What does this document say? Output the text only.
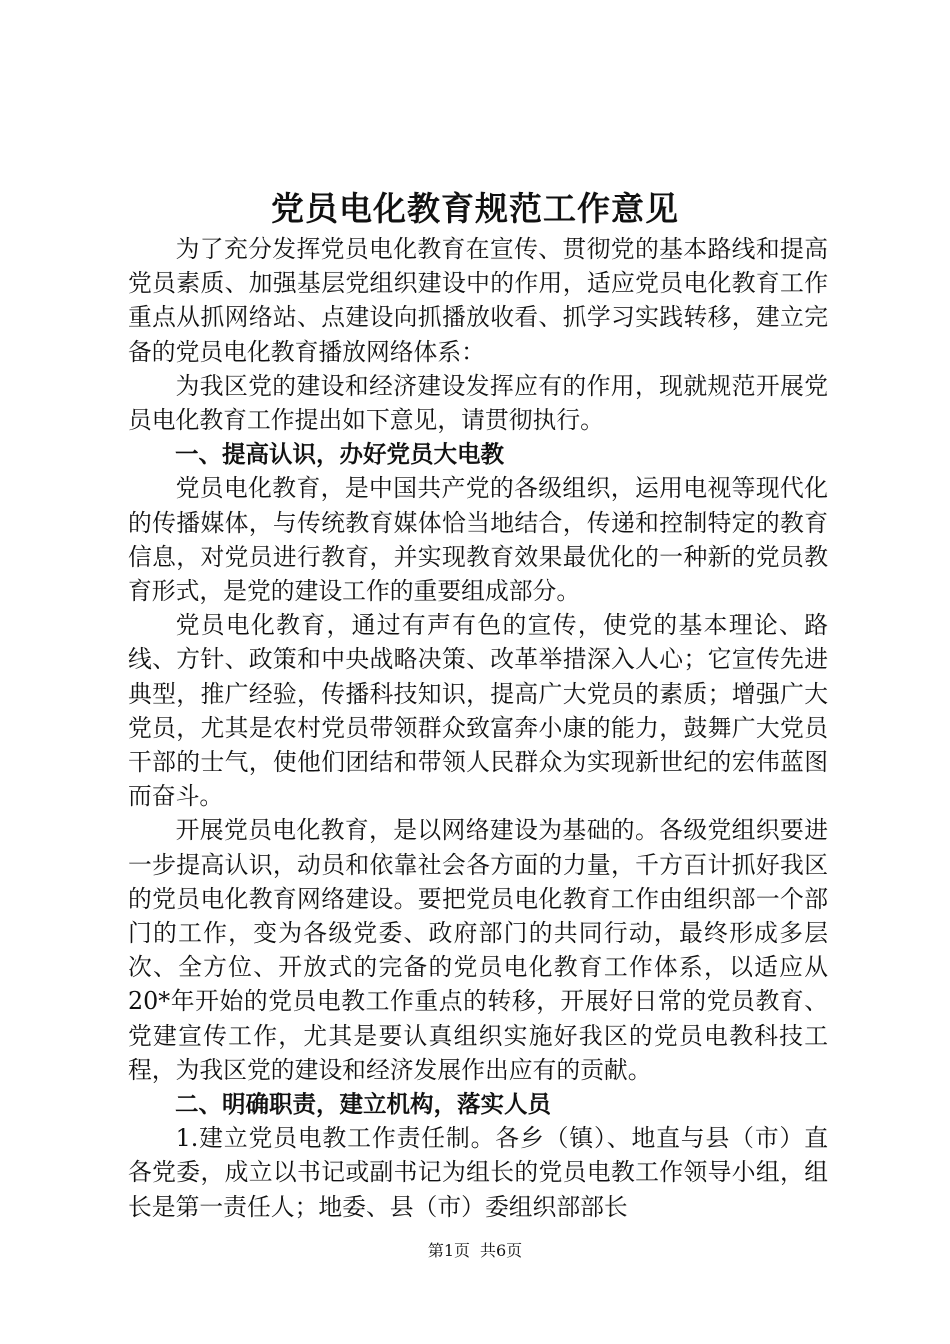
党员电化教育规范工作意见

为了充分发挥党员电化教育在宣传、贯彻党的基本路线和提高党员素质、加强基层党组织建设中的作用，适应党员电化教育工作重点从抓网络站、点建设向抓播放收看、抓学习实践转移，建立完备的党员电化教育播放网络体系：

为我区党的建设和经济建设发挥应有的作用，现就规范开展党员电化教育工作提出如下意见，请贯彻执行。

一、提高认识，办好党员大电教

党员电化教育，是中国共产党的各级组织，运用电视等现代化的传播媒体，与传统教育媒体恰当地结合，传递和控制特定的教育信息，对党员进行教育，并实现教育效果最优化的一种新的党员教育形式，是党的建设工作的重要组成部分。

党员电化教育，通过有声有色的宣传，使党的基本理论、路线、方针、政策和中央战略决策、改革举措深入人心；它宣传先进典型，推广经验，传播科技知识，提高广大党员的素质；增强广大党员，尤其是农村党员带领群众致富奔小康的能力，鼓舞广大党员干部的士气，使他们团结和带领人民群众为实现新世纪的宏伟蓝图而奋斗。

开展党员电化教育，是以网络建设为基础的。各级党组织要进一步提高认识，动员和依靠社会各方面的力量，千方百计抓好我区的党员电化教育网络建设。要把党员电化教育工作由组织部一个部门的工作，变为各级党委、政府部门的共同行动，最终形成多层次、全方位、开放式的完备的党员电化教育工作体系，以适应从20*年开始的党员电教工作重点的转移，开展好日常的党员教育、党建宣传工作，尤其是要认真组织实施好我区的党员电教科技工程，为我区党的建设和经济发展作出应有的贡献。

二、明确职责，建立机构，落实人员

1.建立党员电教工作责任制。各乡（镇）、地直与县（市）直各党委，成立以书记或副书记为组长的党员电教工作领导小组，组长是第一责任人；地委、县（市）委组织部部长

第1页 共6页
